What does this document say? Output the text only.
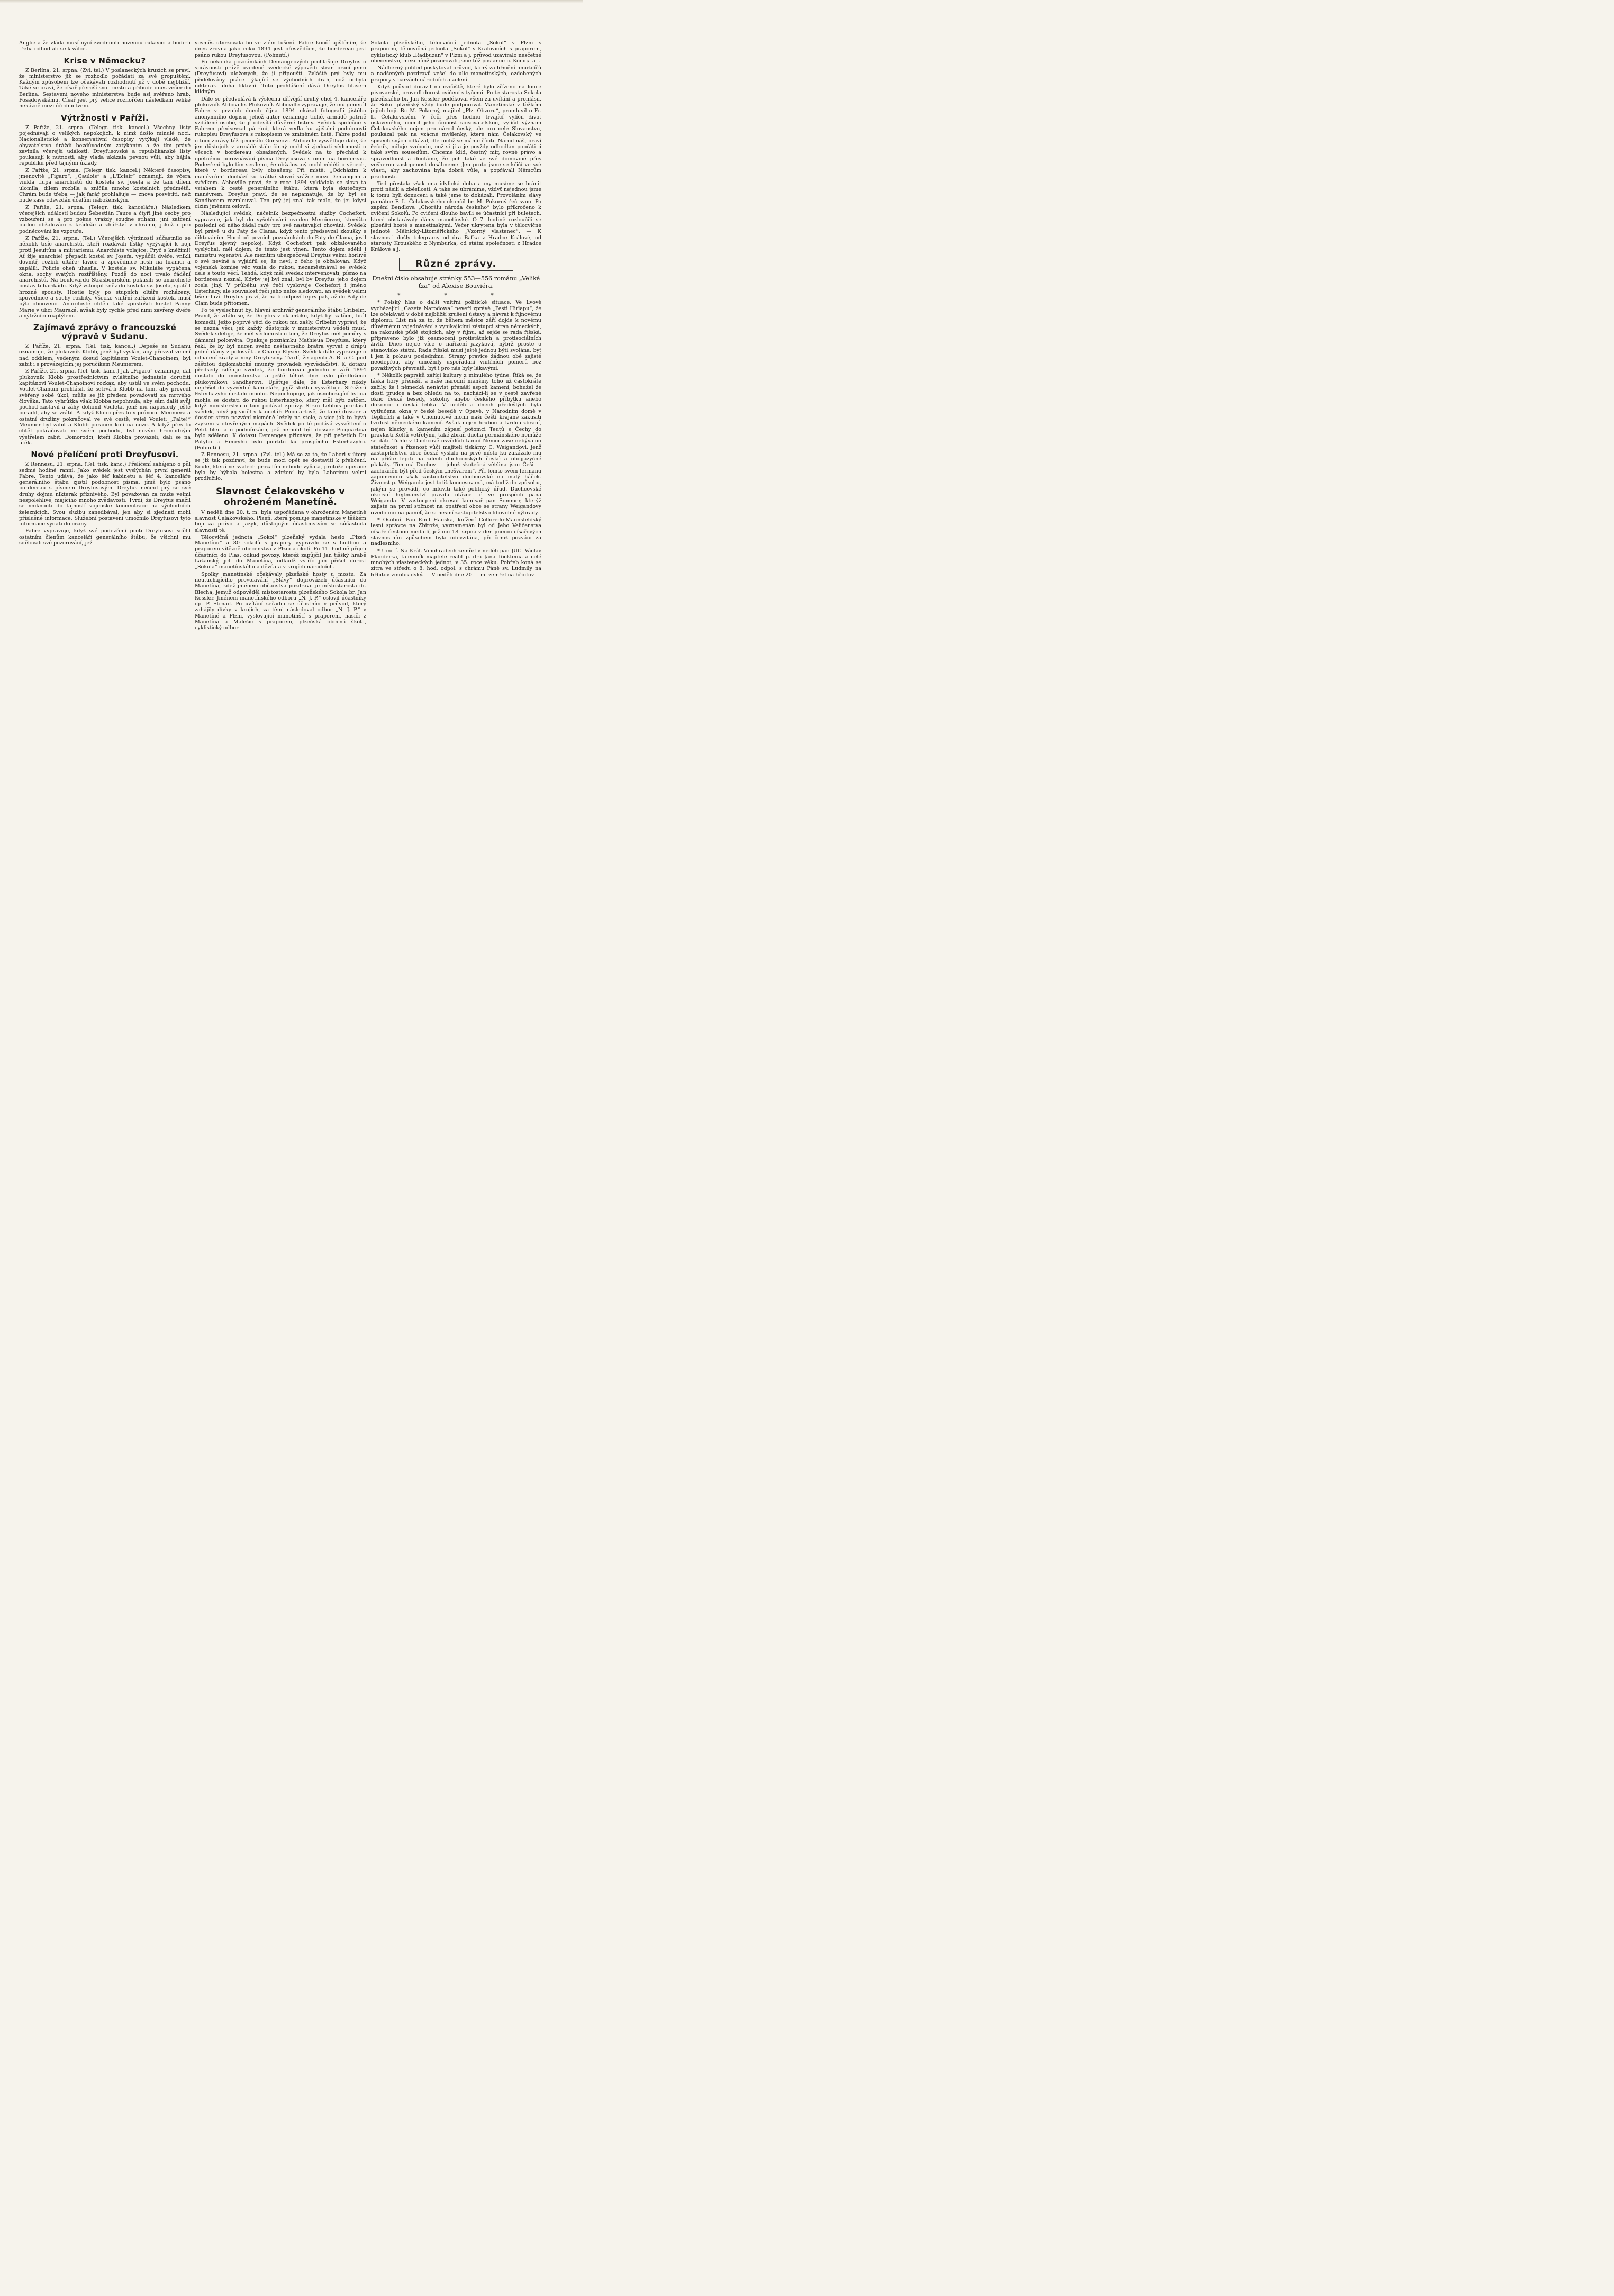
Anglie a že vláda musí nyní zvednouti hozenou rukavici a bude-li třeba odhodlati se k válce.

Krise v Německu?

Z Berlína, 21. srpna. (Zvl. tel.) V poslaneckých kruzích se praví, že ministerstvo již se rozhodlo požádati za své propuštění. Každým způsobem lze očekávati rozhodnutí již v době nejbližší. Také se praví, že císař přeruší svoji cestu a přibude dnes večer do Berlína. Sestavení nového ministerstva bude asi svěřeno hrab. Posadowskému. Císař jest prý velice rozhořčen následkem veliké nekázně mezi úřednictvem.

Výtržnosti v Paříži.

Z Paříže, 21. srpna. (Telegr. tisk. kancel.) Všechny listy pojednávají o velikých nepokojích, k nimž došlo minulé noci. Nacionalistické a konservativní časopisy vytýkají vládě, že obyvatelstvo dráždí bezdůvodným zatýkáním a že tím právě zavinila včerejší události. Dreyfusovské a republikánské listy poukazují k nutnosti, aby vláda ukázala pevnou vůli, aby hájila republiku před tajnými úklady.

Z Paříže, 21. srpna. (Telegr. tisk. kancel.) Některé časopisy, jmenovitě „Figaro“, „Gaulois“ a „L'Eclair“ oznamují, že včera vnikla tlupa anarchistů do kostela sv. Josefa a že tam dílem ulomila, dílem rozbila a zničila mnoho kostelních předmětů. Chrám bude třeba — jak farář prohlašuje — znova posvětiti, než bude zase odevzdán účelům náboženským.

Z Paříže, 21. srpna. (Telegr. tisk. kanceláře.) Následkem včerejších událostí budou Šebestián Faure a čtyři jiné osoby pro vzbouření se a pro pokus vraždy soudně stíháni; jiní zatčení budou obžalováni z krádeže a zhářství v chrámu, jakož i pro podněcování ke vzpouře.

Z Paříže, 21. srpna. (Tel.) Včerejších výtržností súčastnilo se několik tisíc anarchistů, kteří rozdávali lístky vyzývající k boji proti Jesuitům a militarismu. Anarchisté volajíce: Pryč s kněžími! Ať žije anarchie! přepadli kostel sv. Josefa, vypáčili dvéře, vnikli dovnitř, rozbili oltáře; lavice a zpovědnice nesli na hranici a zapálili. Policie oheň uhasila. V kostele sv. Mikuláše vypáčena okna, sochy svatých roztříštěny. Pozdě do noci trvalo řádění anarchistů. Na boulevardu Strasbourském pokusili se anarchisté postaviti barikádu. Když vstoupil kněz do kostela sv. Josefa, spatřil hrozné spousty. Hostie byly po stupních oltáře rozházeny, zpovědnice a sochy rozbity. Všecko vnitřní zařízení kostela musí býti obnoveno. Anarchisté chtěli také zpustošiti kostel Panny Marie v ulici Maurské, avšak byly rychle před nimi zavřeny dvéře a výtržníci rozptýleni.

Zajímavé zprávy o francouzské výpravě v Sudanu.

Z Paříže, 21. srpna. (Tel. tisk. kancel.) Depeše ze Sudanu oznamuje, že plukovník Klobb, jenž byl vyslán, aby převzal velení nad oddílem, vedeným dosud kapitánem Voulet-Chanoinem, byl zabit i s provázejícím jej poručíkem Meunierem.

Z Paříže, 21. srpna. (Tel. tisk. kanc.) Jak „Figaro“ oznamuje, dal plukovník Klobb prostřednictvím zvláštního jednatele doručiti kapitánovi Voulet-Chanoinovi rozkaz, aby ustál ve svém pochodu. Voulet-Chanoin prohlásil, že setrvá-li Klobb na tom, aby provedl svěřený sobě úkol, může se již předem považovati za mrtvého člověka. Tato vyhrůžka však Klobba nepohnula, aby sám další svůj pochod zastavil a záhy dohonil Vouleta, jenž mu naposledy ještě poradil, aby se vrátil. A když Klobb přes to v průvodu Meuniera a ostatní družiny pokračoval ve své cestě, velel Voulet: „Palte!“ Meunier byl zabit a Klobb poraněn kulí na noze. A když přes to chtěl pokračovati ve svém pochodu, byl novým hromadným výstřelem zabit. Domorodci, kteří Klobba provázeli, dali se na útěk.

Nové přelíčení proti Dreyfusovi.

Z Rennesu, 21. srpna. (Tel. tisk. kanc.) Přelíčení zahájeno o půl sedmé hodině ranní. Jako svědek jest vyslýchán první generál Fabre. Tento udává, že jako šéf kabinetu a šéf 4. kanceláře generálního štábu zjistil podobnost písma, jímž bylo psáno bordereau s písmem Dreyfusovým. Dreyfus nečinil prý se své druhy dojmu nikterak příznivého. Byl považován za muže velmi nespolehlivé, majícího mnoho zvědavosti. Tvrdí, že Dreyfus snažil se vniknouti do tajností vojenské koncentrace na východních železnicích. Svou službu zanedbával, jen aby si zjednati mohl příslušné informace. Služební postavení umožnilo Dreyfusovi tyto informace vydati do ciziny.

Fabre vypravuje, když své podezření proti Dreyfusovi sdělil ostatním členům kanceláří generálního štábu, že všichni mu sdělovali své pozorování, jež

vesměs utvrzovala ho ve zlém tušení. Fabre končí ujištěním, že dnes zrovna jako roku 1894 jest přesvědčen, že bordereau jest psáno rukou Dreyfusovou. (Pohnutí.)

Po několika poznámkách Demangeových prohlašuje Dreyfus o správnosti právě uvedené svědecké výpovědi stran prací jemu (Dreyfusovi) uložených, že ji připouští. Zvláště prý byly mu přidělovány práce týkající se východních drah, což nebyla nikterak úloha fiktivní. Toto prohlášení dává Dreyfus hlasem klidným.

Dále se předvolává k výslechu dřívější druhý chef 4. kanceláře plukovník Abboville. Plukovník Abboville vypravuje, že mu generál Fabre v prvních dnech října 1894 ukázal fotografii jistého anonymního dopisu, jehož autor oznamuje tiché, armádě patrně vzdálené osobě, že jí odesílá důvěrné listiny. Svědek společně s Fabrem předsevzal pátrání, která vedla ku zjištění podobnosti rukopisu Dreyfusova s rukopisem ve zmíněném listě. Fabre podal o tom zprávy též generálu Gonseovi. Abboville vysvětluje dále, že jen důstojník v armádě stále činný mohl si zjednati vědomosti o věcech v bordereau obsažených. Svědek na to přecházi k opětnému porovnávání písma Dreyfusova s onim na bordereau. Podezření bylo tím sesíleno, že obžalovaný mohl věděti o věcech, které v bordereau byly obsaženy. Při místě: „Odcházím k manévrům“ dochází ku krátké slovní srážce mezi Demangem a svědkem. Abboville praví, že v roce 1894 vykládala se slova ta vztahem k cestě generálního štábu, která byla skutečným manévrem. Dreyfus praví, že se nepamatuje, že by byl se Sandherem rozmlouval. Ten prý jej znal tak málo, že jej kdysi cizím jménem oslovil.

Následující svědek, náčelník bezpečnostní služby Cochefort, vypravuje, jak byl do vyšetřování uveden Mercierem, kterýžto poslední od něho žádal rady pro své nastávající chování. Svědek byl právě u du Paty de Clama, když tento předsevzal zkoušky s diktováním. Hned při prvních poznámkách du Paty de Clama, jevil Dreyfus zjevný nepokoj. Když Cochefort pak obžalovaného vyslýchal, měl dojem, že tento jest vinen. Tento dojem sdělil i ministru vojenství. Ale mezitím ubezpečoval Dreyfus velmi horlivě o své nevině a vyjádřil se, že neví, z čeho je obžalován. Když vojenská komise věc vzala do rukou, nezaměstnával se svědek déle s touto věcí. Tehdá, když měl svědek intervenovati, písmo na bordereau neznal. Kdyby jej byl znal, byl by Dreyfus jeho dojem zcela jiný. V průběhu své řeči vyslovuje Cochefort i jméno Esterhazy, ale souvislost řeči jeho nelze sledovati, an svědek velmi tiše mluví. Dreyfus praví, že na to odpoví teprv pak, až du Paty de Clam bude přítomen.

Po té vyslechnut byl hlavní archivář generálního štábu Gribelin. Pravil, že zdálo se, že Dreyfus v okamžiku, když byl zatčen, hrál komedii, ježto poprvé věci do rukou mu zašly. Gribelin vypráví, že se nezná věci, jež každý důstojník v ministerstvu vědětí musí. Svědek sděluje, že měl vědomosti o tom, že Dreyfus měl poměry s dámami polosvěta. Opakuje poznámku Mathieua Dreyfusa, který řekl, že by byl nucen svého nešťastného bratra vyrvat z drápů jedné dámy z polosvěta v Champ Elysée. Svědek dále vypravuje o odhalení zrady a viny Dreyfusovy. Tvrdí, že agenti A. B. a C. pod záštitou diplomatické imunity prováděli vyzvědačství. K dotazu předsedy sděluje svědek, že bordereau jednoho v září 1894 dostalo do ministerstva a ještě téhož dne bylo předloženo plukovníkovi Sandherovi. Ujišťuje dále, že Esterhazy nikdy nepřišel do vyzvědné kanceláře, jejíž službu vysvětluje. Střežení Esterhazyho nestalo mnoho. Nepochopuje, jak osvobozující listina mohla se dostati do rukou Esterhazyho, který měl býti zatčen, když ministerstvu o tom podával zprávy. Stran Leblois prohlásil svědek, když jej viděl v kanceláři Picquartově, že tajné dossier a dossier stran pozvání nicméně ležely na stole, a vice jak to bývá zvykem v otevřených mapách. Svědek po té podává vysvětlení o Petit bleu a o podmínkách, jež nemohl být dossier Picquartovi bylo sděleno. K dotazu Demangea přiznává, že při pečetích Du Patyho a Henryho bylo použito ku prospěchu Esterhazyho. (Pohnutí.)

Z Rennesu, 21. srpna. (Zvl. tel.) Má se za to, že Labori v úterý se již tak pozdraví, že bude moci opět se dostaviti k přelíčení. Koule, která ve svalech prozatím nebude vyňata, protože operace byla by hýbala bolestna a zdržení by byla Laborimu velmi prodlužilo.

Slavnost Čelakovského v ohroženém Manetíně.

V neděli dne 20. t. m. byla uspořádána v ohroženém Manetíně slavnost Čelakovského. Plzeň, která posiluje manetínské v těžkém boji za právo a jazyk, důstojným účastenstvím se súčastnila slavnosti té.

Tělocvičná jednota „Sokol“ plzeňský vydala heslo „Plzeň Manetínu“ a 80 sokolů s prapory vypravilo se s hudbou a praporem vítězně obecenstva v Plzni a okolí. Po 11. hodině přijeli účastníci do Plas, odkud povozy, kteréž zapůjčil Jan tiššký hrabě Lažanský, jeli do Manetína, odkudž vstříc jim přišel dorost „Sokola“ manetínského a děvčata v krojích národních.

Spolky manetínské očekávaly plzeňské hosty u mostu. Za neutuchajícího provolávání „Slávy“ doprovázeli účastníci do Manetína, kdež jménem občanstva pozdravil je místostarosta dr. Blecha, jemuž odpověděl místostarosta plzeňského Sokola br. Jan Kessler. Jménem manetínského odboru „N. J. P.“ oslovil účastníky dp. P. Strnad. Po uvítání seřadili se účastníci v průvod, který zahájily dívky v krojích, za těmi následoval odbor „N. J. P.“ v Manetíně a Plzni, vyslovující manetínští s praporem, hasiči z Manetína a Malešic s praporem, plzeňská obecná škola, cyklistický odbor

Sokola plzeňského, tělocvičná jednota „Sokol“ v Plzni s praporem, tělocvičná jednota „Sokol“ v Kralovicích s praporem, cyklistický klub „Radbuzan“ v Plzni a j. průvod uzavíralo nesčetné obecenstvo, mezi nímž pozorovali jsme též poslance p. Königa a j.

Nádherný pohled poskytoval průvod, který za hřmění hmoždířů a nadšených pozdravů vešel do ulic manetínských, ozdobených prapory v barvách národních a zelení.

Když průvod dorazil na cvičiště, které bylo zřízeno na louce pivovarské, provedl dorost cvičení s tyčemi. Po té starosta Sokola plzeňského br. Jan Kessler poděkoval všem za uvítání a prohlásil, že Sokol plzeňský vždy bude podporovat Manetínské v těžkém jejich boji. Br. M. Pokorný, majitel „Plz. Obzoru“, promluvil o Fr. L. Čelakovském. V řeči přes hodinu trvající vylíčil život oslaveného, ocenil jeho činnost spisovatelskou, vylíčil význam Čelakovského nejen pro národ český, ale pro celé Slovanstvo, poukázal pak na vzácné myšlenky, které nám Čelakovský ve spisech svých odkázal, dle nichž se máme říditi. Národ náš, praví řečník, miluje svobodu, což si jí a je povždy odhodlán popřáti ji také svým sousedům. Chceme klid, čestný mír, rovné právo a spravedlnost a doufáme, že jich také ve své domovině přes veškerou zaslepenost dosáhneme. Jen proto jsme se křičí ve své vlasti, aby zachována byla dobrá vůle, a popřávali Němcům pradnosti.

Ted přestala však ona idylická doba a my musíme se bránit proti násilí a zběsilosti. A také se ubráníme, vždyť nejednou jsme k tomu byli donuceni a také jsme to dokázali. Provoláním slávy památce F. L. Čelakovského ukončil br. M. Pokorný řeč svou. Po zapění Bendlova „Chorálu národa českého“ bylo přikročeno k cvičení Sokolů. Po cvičení dlouho bavili se účastníci při buletech, které obstarávaly dámy manetínské. O 7. hodině rozloučili se plzeňští hosté s manetínskými. Večer ukrytena byla v tělocvičné jednotě Mělnický-Litoměřického „Vzorný vlastenec“. — K slavnosti došly telegramy od dra Baťka z Hradce Králové, od starosty Krouského z Nymburka, od státní společnosti z Hradce Králové a j.

Různé zprávy.

Dnešní číslo obsahuje stránky 553—556 románu „Veliká ťza“ od Alexise Bouviéra.

* * *

* Polský hlas o další vnitřní politické situace. Ve Lvově vycházející „Gazeta Narodowa“ neveří zprávě „Pesti Hirlapu“, že lze očekávati v době nejbližší zrušení ústavy a návrat k říjnovému diplomu. List má za to, že během měsíce září dojde k novému důvěrnému vyjednávání s vynikajícími zástupci stran německých, na rakouské půdě stojících, aby v říjnu, až sejde se rada říšská, připraveno bylo již osamocení protistátních a protisociálních živlů. Dnes nejde více o nařízení jazyková, nýbrž prostě o stanovisko státní. Rada říšská musí ještě jednou býti svolána, byť i jen k pokusu poslednímu. Strany pravice žádnou obě zajisté neodepřou, aby umožnily uspořádání vnitřních poměrů boz považlivých převratů, byť i pro nás byly lákavými.

* Několik paprsků záříci kultury z minulého týdne. Říká se, že láska hory přenáší, a naše národní menšiny toho už častokráte zažily, že i německá nenávist přenáší aspoň kamení, bohužel že dosti prudce a bez ohledu na to, nachází-li se v cestě zavřené okno české besedy, sokolny anebo českého příbytku anebo dokonce i česká lebka. V neděli a dnech předešlých byla vytlučena okna v české besedě v Opavě, v Národním domě v Teplicích a také v Chomutově mohli naši čeští krajané zakusiti tvrdost německého kamení. Avšak nejen hrubou a tvrdou zbraní, nejen klacky a kamením zápasí potomci Teutů s Čechy do pravlasti Keltů vetřelými, také zbraň ducha germánského nemůže se dáti. Tuhle v Duchcově osvědčili tamní Němci zase nebývalou statečnost a řízenost vůči majiteli tiskárny C. Weigandovi, jenž zastupitelstvu obce české vyslalo na prvé místo ku zakázalo mu na příště lepiti na zdech duchcovských české a obojjazyčné plakáty. Tím má Duchov — jehož skutečná většina jsou Češi — zachráněn být před českým „nešvarem“. Při tomto svém fermanu zapomenulo však zastupitelstvo duchcovské na malý háček. Živnost p. Weiganda jest totiž koncesovaná, má tudíž do způsobu, jakým se provádí, co mluviti také politický úřad. Duchcovské okresní hejtmanství pravdu otázce té ve prospěch pana Weiganda. V zastoupení okresní komisař pan Sommer, kterýž zajisté na první stížnost na opatření obce se strany Weigandovy uvedo mu na paměť, že si nesmí zastupitelstvo libovolné výhrady.

* Osobní. Pan Emil Hauska, knížecí Colloredo-Mannsfeldský lesní správce na Zbirože, vyznamenán byl od Jeho Veličenstva císaře čestnou medailí, jež mu 18. srpna v den jmenin císařových slavnostním způsobem byla odevzdána, při čemž pozváni za nadlesního.

* Úmrtí. Na Král. Vinohradech zemřel v neděli pan JUC. Václav Flanderka, tajemník majitele realit p. dra Jana Tockteina a celé mnohých vlasteneckých jednot, v 35. roce věku. Pohřeb koná se zítra ve středu o 8. hod. odpol. s chrámu Páně sv. Ludmily na hřbitov vinohradský. — V neděli dne 20. t. m. zemřel na hřbitov
